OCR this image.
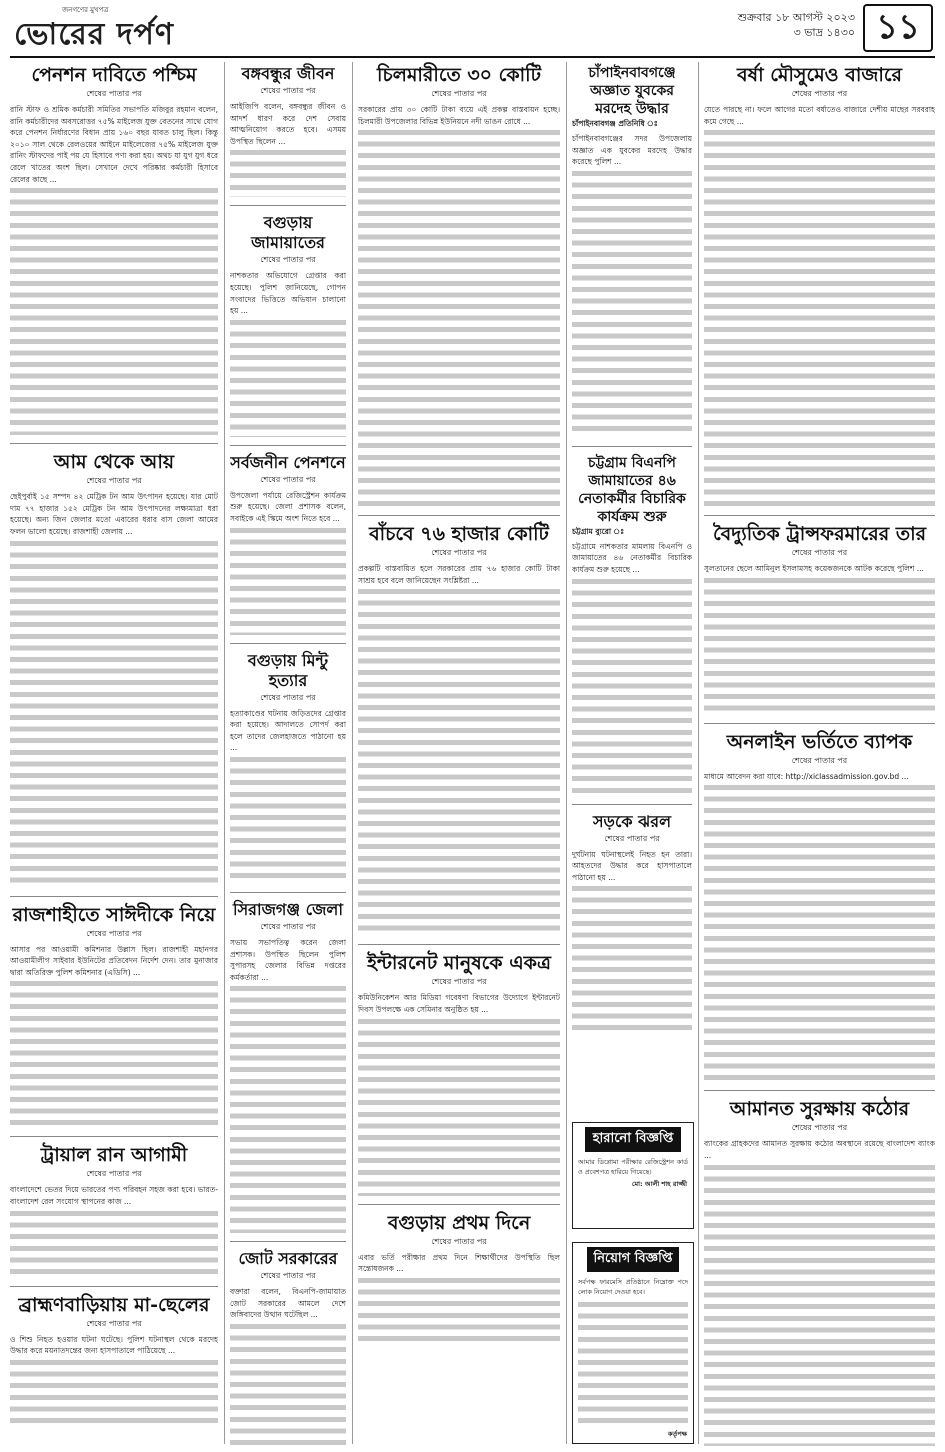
জনগণের মুখপত্র
ভোরের দর্পণ	শুক্রবার ১৮ আগস্ট ২০২৩
৩ ভাদ্র ১৪৩০ ১১
পেনশন দাবিতে পশ্চিম
শেষের পাতার পর
রানি স্টাফ ও শ্রমিক কর্মচারী সমিতির সভাপতি মজিবুর রহমান বলেন, রানি কর্মচারীদের অবসরোত্তর ৭৫% মাইলেজ যুক্ত বেতনের সাথে যোগ করে পেনশন নির্ধারণের বিধান প্রায় ১৬০ বছর যাবত চালু ছিল। কিন্তু ২০১০ সাল থেকে রেলওয়ের আইনে মাইলেজের ৭৫% মাইলেজ যুক্ত রানিং স্টাফদের পাই পয় যে হিসাবে পণ্য করা হয়। অথচ যা যুগ যুগ ধরে রেলে খাতের অংশ ছিল। সেখানে দেখে পরিষ্কার কর্মচারী হিসাবে রেলের কাছে ...
আম থেকে আয়
শেষের পাতার পর
ছেইপুর্বাই ১৫ সম্পদ ৪২ মেট্রিক টন আম উৎপাদন হয়েছে। যার মোট দাম ৭৭ হাজার ১৫২ মেট্রিক টন আম উৎপাদনের লক্ষ্যমাত্রা ধরা হয়েছে। অন্য জিন জেলার মতো এবারের ধরার বাস জেলা আমের ফলন ভালো হয়েছে। রাজশাহী জেলায় ...
রাজশাহীতে সাঈদীকে নিয়ে
শেষের পাতার পর
আসার পর আওয়ামী কমিশনার উল্লাস ছিল। রাজশাহী মহানগর আওয়ামীলীগ সাইবার ইউনিটের প্রতিবেদন নির্দেশ দেন। তার মুনাজার দ্বারা অতিরিক্ত পুলিশ কমিশনার (এডিসি) ...
ট্রায়াল রান আগামী
শেষের পাতার পর
বাংলাদেশে ভেতর দিয়ে ভারতের পণ্য পরিবহন সহজ করা হবে। ভারত-বাংলাদেশ রেল সংযোগ স্থাপনের কাজ ...
ব্রাহ্মণবাড়িয়ায় মা-ছেলের
শেষের পাতার পর
ও শিশু নিহত হওয়ার ঘটনা ঘটেছে। পুলিশ ঘটনাস্থল থেকে মরদেহ উদ্ধার করে ময়নাতদন্তের জন্য হাসপাতালে পাঠিয়েছে ...
বঙ্গবন্ধুর জীবন
শেষের পাতার পর
আইজিপি বলেন, বঙ্গবন্ধুর জীবন ও আদর্শ ধারণ করে দেশ সেবায় আত্মনিয়োগ করতে হবে। এসময় উপস্থিত ছিলেন ...
বগুড়ায় জামায়াতের
শেষের পাতার পর
নাশকতার অভিযোগে গ্রেপ্তার করা হয়েছে। পুলিশ জানিয়েছে, গোপন সংবাদের ভিত্তিতে অভিযান চালানো হয় ...
সর্বজনীন পেনশনে
শেষের পাতার পর
উপজেলা পর্যায়ে রেজিস্ট্রেশন কার্যক্রম শুরু হয়েছে। জেলা প্রশাসক বলেন, সবাইকে এই স্কিমে অংশ নিতে হবে ...
বগুড়ায় মিন্টু হত্যার
শেষের পাতার পর
হত্যাকাণ্ডের ঘটনায় জড়িতদের গ্রেপ্তার করা হয়েছে। আদালতে সোপর্দ করা হলে তাদের জেলহাজতে পাঠানো হয় ...
সিরাজগঞ্জ জেলা
শেষের পাতার পর
সভায় সভাপতিত্ব করেন জেলা প্রশাসক। উপস্থিত ছিলেন পুলিশ সুপারসহ জেলার বিভিন্ন দপ্তরের কর্মকর্তারা ...
জোট সরকারের
শেষের পাতার পর
বক্তারা বলেন, বিএনপি-জামায়াত জোট সরকারের আমলে দেশে জঙ্গিবাদের উত্থান ঘটেছিল ...
চিলমারীতে ৩০ কোটি
শেষের পাতার পর
সরকারের প্রায় ৩০ কোটি টাকা ব্যয়ে এই প্রকল্প বাস্তবায়ন হচ্ছে। চিলমারী উপজেলার বিভিন্ন ইউনিয়নে নদী ভাঙন রোধে ...
বাঁচবে ৭৬ হাজার কোটি
শেষের পাতার পর
প্রকল্পটি বাস্তবায়িত হলে সরকারের প্রায় ৭৬ হাজার কোটি টাকা সাশ্রয় হবে বলে জানিয়েছেন সংশ্লিষ্টরা ...
ইন্টারনেট মানুষকে একত্র
শেষের পাতার পর
কমিউনিকেশন আর মিডিয়া গবেষণা বিভাগের উদ্যোগে ইন্টারনেট দিবস উপলক্ষে এক সেমিনার অনুষ্ঠিত হয় ...
বগুড়ায় প্রথম দিনে
শেষের পাতার পর
এবার ভর্তি পরীক্ষার প্রথম দিনে শিক্ষার্থীদের উপস্থিতি ছিল সন্তোষজনক ...
চাঁপাইনবাবগঞ্জে অজ্ঞাত যুবকের মরদেহ উদ্ধার
চাঁপাইনবাবগঞ্জ প্রতিনিধি ঃ
চাঁপাইনবাবগঞ্জের সদর উপজেলায় অজ্ঞাত এক যুবকের মরদেহ উদ্ধার করেছে পুলিশ ...
চট্টগ্রাম বিএনপি জামায়াতের ৪৬ নেতাকর্মীর বিচারিক কার্যক্রম শুরু
চট্টগ্রাম ব্যুরো ঃ
চট্টগ্রামে নাশকতার মামলায় বিএনপি ও জামায়াতের ৪৬ নেতাকর্মীর বিচারিক কার্যক্রম শুরু হয়েছে ...
সড়কে ঝরল
শেষের পাতার পর
দুর্ঘটনায় ঘটনাস্থলেই নিহত হন তারা। আহতদের উদ্ধার করে হাসপাতালে পাঠানো হয় ...
হারানো বিজ্ঞপ্তি
আমার ডিপ্লোমা পরীক্ষার রেজিস্ট্রেশন কার্ড ও প্রবেশপত্র হারিয়ে গিয়েছে।
মো: আলী শাহ রাজ্জী
নিয়োগ বিজ্ঞপ্তি
সর্বপক্ষ ফারমেসি প্রতিষ্ঠানে নিম্নোক্ত পদে লোক নিয়োগ দেওয়া হবে।
কর্তৃপক্ষ
বর্ষা মৌসুমেও বাজারে
শেষের পাতার পর
যেতে পারছে না। ফলে আগের মতো বর্ষাতেও বাজারে দেশীয় মাছের সরবরাহ কমে গেছে ...
বৈদ্যুতিক ট্রান্সফরমারের তার
শেষের পাতার পর
সুলতানের ছেলে আমিনুল ইসলামসহ কয়েকজনকে আটক করেছে পুলিশ ...
অনলাইন ভর্তিতে ব্যাপক
শেষের পাতার পর
মাধ্যমে আবেদন করা যাবে: http://xiclassadmission.gov.bd ...
আমানত সুরক্ষায় কঠোর
শেষের পাতার পর
ব্যাংকের গ্রাহকদের আমানত সুরক্ষায় কঠোর অবস্থানে রয়েছে বাংলাদেশ ব্যাংক ...
